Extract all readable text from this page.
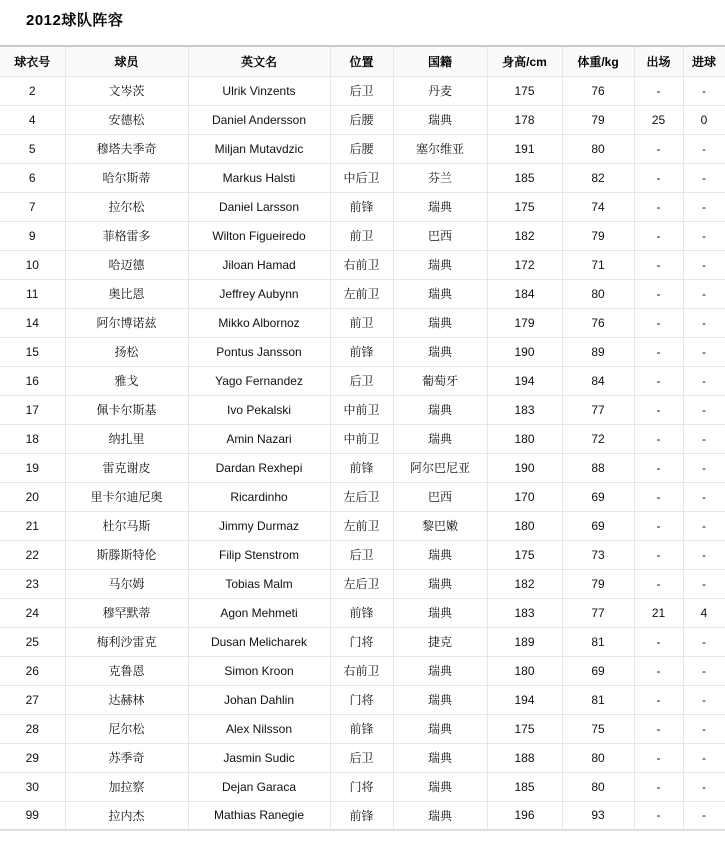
2012球队阵容
球衣号	球员	英文名	位置	国籍	身高/cm	体重/kg	出场	进球
2	文岑茨	Ulrik Vinzents	后卫	丹麦	175	76	-	-
4	安德松	Daniel Andersson	后腰	瑞典	178	79	25	0
5	穆塔夫季奇	Miljan Mutavdzic	后腰	塞尔维亚	191	80	-	-
6	哈尔斯蒂	Markus Halsti	中后卫	芬兰	185	82	-	-
7	拉尔松	Daniel Larsson	前锋	瑞典	175	74	-	-
9	菲格雷多	Wilton Figueiredo	前卫	巴西	182	79	-	-
10	哈迈德	Jiloan Hamad	右前卫	瑞典	172	71	-	-
11	奥比恩	Jeffrey Aubynn	左前卫	瑞典	184	80	-	-
14	阿尔博诺兹	Mikko Albornoz	前卫	瑞典	179	76	-	-
15	扬松	Pontus Jansson	前锋	瑞典	190	89	-	-
16	雅戈	Yago Fernandez	后卫	葡萄牙	194	84	-	-
17	佩卡尔斯基	Ivo Pekalski	中前卫	瑞典	183	77	-	-
18	纳扎里	Amin Nazari	中前卫	瑞典	180	72	-	-
19	雷克谢皮	Dardan Rexhepi	前锋	阿尔巴尼亚	190	88	-	-
20	里卡尔迪尼奥	Ricardinho	左后卫	巴西	170	69	-	-
21	杜尔马斯	Jimmy Durmaz	左前卫	黎巴嫩	180	69	-	-
22	斯滕斯特伦	Filip Stenstrom	后卫	瑞典	175	73	-	-
23	马尔姆	Tobias Malm	左后卫	瑞典	182	79	-	-
24	穆罕默蒂	Agon Mehmeti	前锋	瑞典	183	77	21	4
25	梅利沙雷克	Dusan Melicharek	门将	捷克	189	81	-	-
26	克鲁恩	Simon Kroon	右前卫	瑞典	180	69	-	-
27	达赫林	Johan Dahlin	门将	瑞典	194	81	-	-
28	尼尔松	Alex Nilsson	前锋	瑞典	175	75	-	-
29	苏季奇	Jasmin Sudic	后卫	瑞典	188	80	-	-
30	加拉察	Dejan Garaca	门将	瑞典	185	80	-	-
99	拉内杰	Mathias Ranegie	前锋	瑞典	196	93	-	-
